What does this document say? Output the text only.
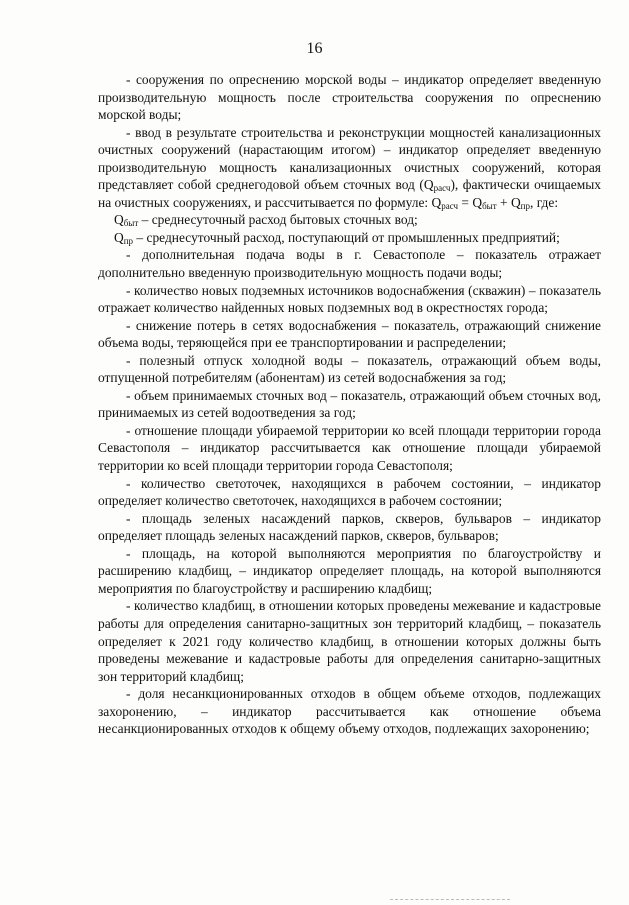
16

- сооружения по опреснению морской воды – индикатор определяет введенную производительную мощность после строительства сооружения по опреснению морской воды;

- ввод в результате строительства и реконструкции мощностей канализационных очистных сооружений (нарастающим итогом) – индикатор определяет введенную производительную мощность канализационных очистных сооружений, которая представляет собой среднегодовой объем сточных вод $(Q_{расч})$, фактически очищаемых на очистных сооружениях, и рассчитывается по формуле: $Q_{расч} = Q_{быт} + Q_{пр}$, где:

$Q_{быт}$ – среднесуточный расход бытовых сточных вод;

$Q_{пр}$ – среднесуточный расход, поступающий от промышленных предприятий;

- дополнительная подача воды в г. Севастополе – показатель отражает дополнительно введенную производительную мощность подачи воды;

- количество новых подземных источников водоснабжения (скважин) – показатель отражает количество найденных новых подземных вод в окрестностях города;

- снижение потерь в сетях водоснабжения – показатель, отражающий снижение объема воды, теряющейся при ее транспортировании и распределении;

- полезный отпуск холодной воды – показатель, отражающий объем воды, отпущенной потребителям (абонентам) из сетей водоснабжения за год;

- объем принимаемых сточных вод – показатель, отражающий объем сточных вод, принимаемых из сетей водоотведения за год;

- отношение площади убираемой территории ко всей площади территории города Севастополя – индикатор рассчитывается как отношение площади убираемой территории ко всей площади территории города Севастополя;

- количество светоточек, находящихся в рабочем состоянии, – индикатор определяет количество светоточек, находящихся в рабочем состоянии;

- площадь зеленых насаждений парков, скверов, бульваров – индикатор определяет площадь зеленых насаждений парков, скверов, бульваров;

- площадь, на которой выполняются мероприятия по благоустройству и расширению кладбищ, – индикатор определяет площадь, на которой выполняются мероприятия по благоустройству и расширению кладбищ;

- количество кладбищ, в отношении которых проведены межевание и кадастровые работы для определения санитарно-защитных зон территорий кладбищ, – показатель определяет к 2021 году количество кладбищ, в отношении которых должны быть проведены межевание и кадастровые работы для определения санитарно-защитных зон территорий кладбищ;

- доля несанкционированных отходов в общем объеме отходов, подлежащих захоронению, – индикатор рассчитывается как отношение объема несанкционированных отходов к общему объему отходов, подлежащих захоронению;
